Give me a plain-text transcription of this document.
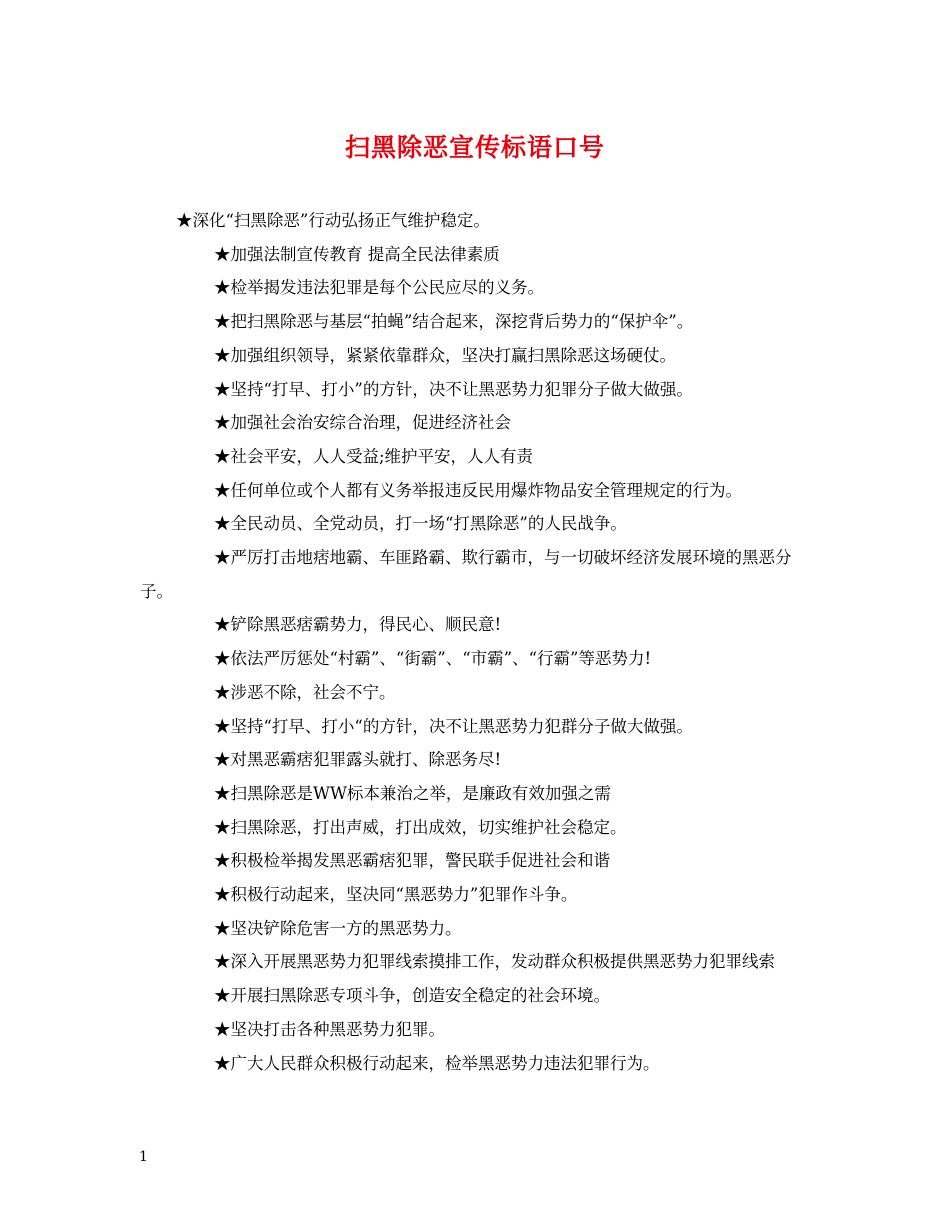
扫黑除恶宣传标语口号

★深化“扫黑除恶”行动弘扬正气维护稳定。

★加强法制宣传教育 提高全民法律素质

★检举揭发违法犯罪是每个公民应尽的义务。

★把扫黑除恶与基层“拍蝇”结合起来，深挖背后势力的“保护伞”。

★加强组织领导，紧紧依靠群众，坚决打赢扫黑除恶这场硬仗。

★坚持“打早、打小”的方针，决不让黑恶势力犯罪分子做大做强。

★加强社会治安综合治理，促进经济社会

★社会平安，人人受益;维护平安，人人有责

★任何单位或个人都有义务举报违反民用爆炸物品安全管理规定的行为。

★全民动员、全党动员，打一场“打黑除恶”的人民战争。

★严厉打击地痞地霸、车匪路霸、欺行霸市，与一切破坏经济发展环境的黑恶分子。

★铲除黑恶痞霸势力，得民心、顺民意!

★依法严厉惩处“村霸”、“街霸”、“市霸”、“行霸”等恶势力!

★涉恶不除，社会不宁。

★坚持“打早、打小“的方针，决不让黑恶势力犯群分子做大做强。

★对黑恶霸痞犯罪露头就打、除恶务尽!

★扫黑除恶是WW标本兼治之举，是廉政有效加强之需

★扫黑除恶，打出声威，打出成效，切实维护社会稳定。

★积极检举揭发黑恶霸痞犯罪，警民联手促进社会和谐

★积极行动起来，坚决同“黑恶势力”犯罪作斗争。

★坚决铲除危害一方的黑恶势力。

★深入开展黑恶势力犯罪线索摸排工作，发动群众积极提供黑恶势力犯罪线索

★开展扫黑除恶专项斗争，创造安全稳定的社会环境。

★坚决打击各种黑恶势力犯罪。

★广大人民群众积极行动起来，检举黑恶势力违法犯罪行为。

1
